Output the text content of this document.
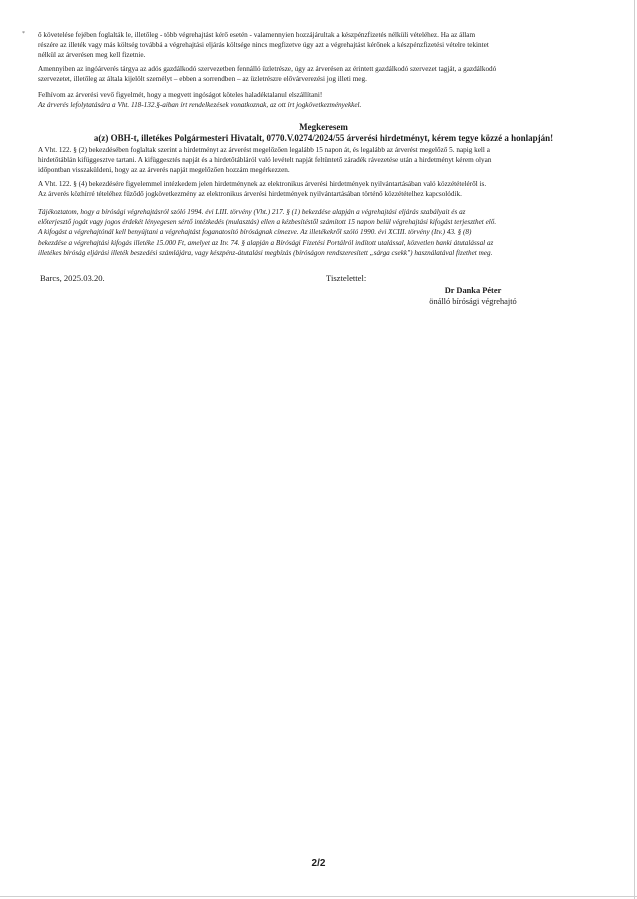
* ő követelése fejében foglalták le, illetőleg - több végrehajtást kérő esetén - valamennyien hozzájárultak a készpénzfizetés nélküli vételéhez. Ha az állam
részére az illeték vagy más költség továbbá a végrehajtási eljárás költsége nincs megfizetve úgy azt a végrehajtást kérőnek a készpénzfizetési vételre tekintet
nélkül az árverésen meg kell fizetnie.

Amennyiben az ingóárverés tárgya az adós gazdálkodó szervezetben fennálló üzletrésze, úgy az árverésen az érintett gazdálkodó szervezet tagját, a gazdálkodó
szervezetet, illetőleg az általa kijelölt személyt – ebben a sorrendben – az üzletrészre elővárverezési jog illeti meg.

Felhívom az árverési vevő figyelmét, hogy a megvett ingóságot köteles haladéktalanul elszállítani!
Az árverés lefolytatására a Vht. 118-132.§-aiban írt rendelkezések vonatkoznak, az ott írt jogkövetkezményekkel.

Megkeresem

a(z) OBH-t, illetékes Polgármesteri Hivatalt, 0770.V.0274/2024/55 árverési hirdetményt, kérem tegye közzé a honlapján!

A Vht. 122. § (2) bekezdésében foglaltak szerint a hirdetményt az árverést megelőzően legalább 15 napon át, és legalább az árverést megelőző 5. napig kell a
hirdetőtáblán kifüggesztve tartani. A kifüggesztés napját és a hirdetőtábláról való levételt napját feltüntető záradék rávezetése után a hirdetményt kérem olyan
időpontban visszaküldeni, hogy az az árverés napját megelőzően hozzám megérkezzen.

A Vht. 122. § (4) bekezdésére figyelemmel intézkedem jelen hirdetménynek az elektronikus árverési hirdetmények nyilvántartásában való közzétételéről is.
Az árverés közhírré tételéhez fűződő jogkövetkezmény az elektronikus árverési hirdetmények nyilvántartásában történő közzétételhez kapcsolódik.

Tájékoztatom, hogy a bírósági végrehajtásról szóló 1994. évi LIII. törvény (Vht.) 217. § (1) bekezdése alapján a végrehajtási eljárás szabályait és az
előterjesztő jogát vagy jogos érdekét lényegesen sértő intézkedés (mulasztás) ellen a kézbesítéstől számított 15 napon belül végrehajtási kifogást terjeszthet elő.
A kifogást a végrehajtónál kell benyújtani a végrehajtást foganatosító bíróságnak címezve. Az illetékekről szóló 1990. évi XCIII. törvény (Itv.) 43. § (8)
bekezdése a végrehajtási kifogás illetéke 15.000 Ft, amelyet az Itv. 74. § alapján a Bírósági Fizetési Portálról indított utalással, közvetlen banki átutalással az
illetékes bíróság eljárási illeték beszedési számlájára, vagy készpénz-átutalási megbízás (bíróságon rendszeresített „sárga csekk") használatával fizethet meg.

Barcs, 2025.03.20.	Tisztelettel:
Dr Danka Péter
önálló bírósági végrehajtó
2/2
